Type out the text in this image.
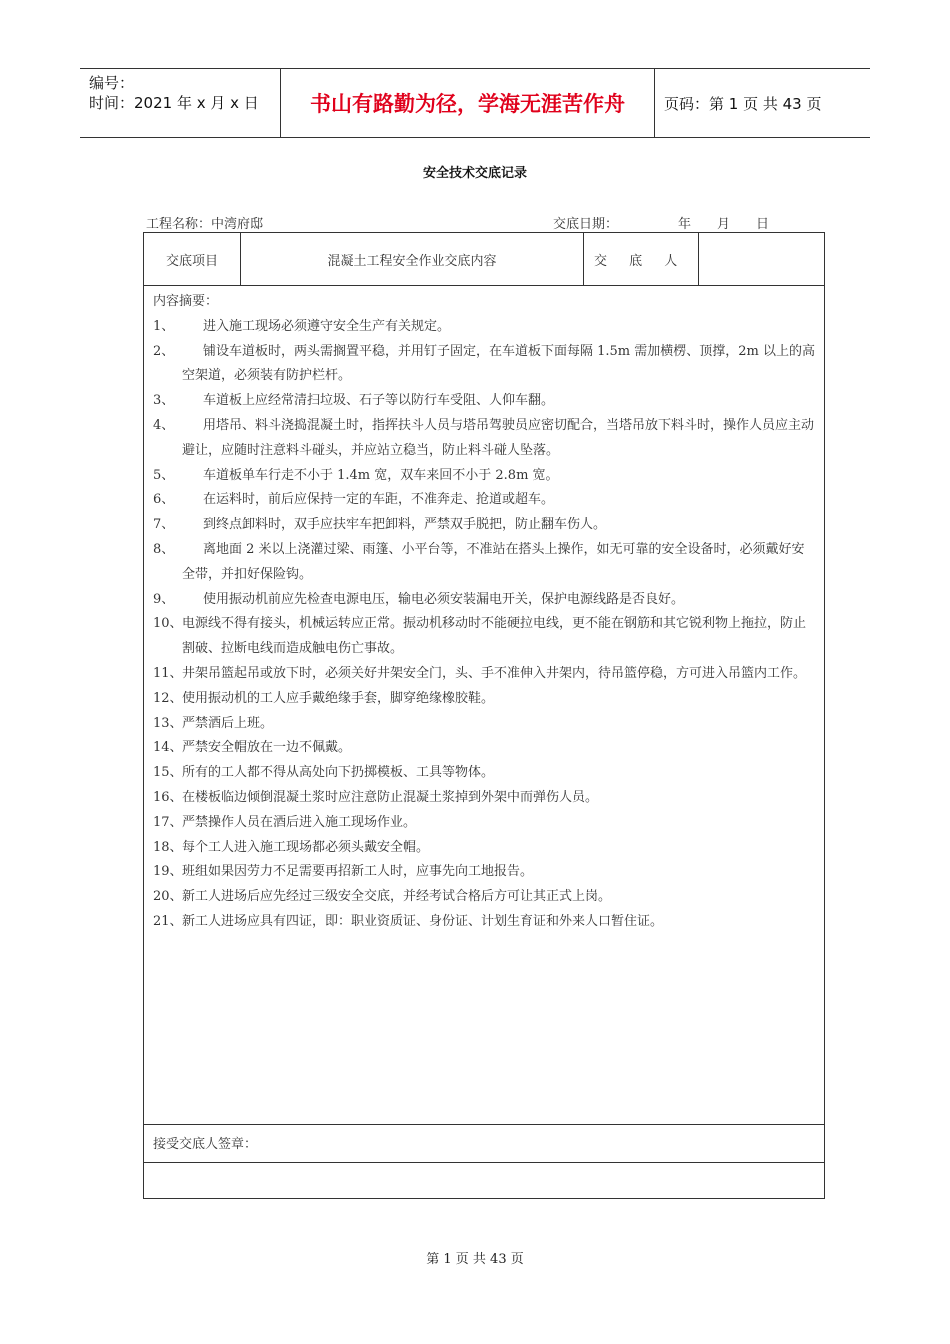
编号：
时间：2021 年 x 月 x 日	书山有路勤为径，学海无涯苦作舟	页码：第 1 页 共 43 页
安全技术交底记录
工程名称：中湾府邸	交底日期：	年 月 日
交底项目	混凝土工程安全作业交底内容	交 底 人
内容摘要：
1、	进入施工现场必须遵守安全生产有关规定。
2、	铺设车道板时，两头需搁置平稳，并用钉子固定，在车道板下面每隔 1.5m 需加横楞、顶撑，2m 以上的高空架道，必须装有防护栏杆。
3、	车道板上应经常清扫垃圾、石子等以防行车受阻、人仰车翻。
4、	用塔吊、料斗浇捣混凝土时，指挥扶斗人员与塔吊驾驶员应密切配合，当塔吊放下料斗时，操作人员应主动避让，应随时注意料斗碰头，并应站立稳当，防止料斗碰人坠落。
5、	车道板单车行走不小于 1.4m 宽，双车来回不小于 2.8m 宽。
6、	在运料时，前后应保持一定的车距，不准奔走、抢道或超车。
7、	到终点卸料时，双手应扶牢车把卸料，严禁双手脱把，防止翻车伤人。
8、	离地面 2 米以上浇灌过梁、雨篷、小平台等，不准站在搭头上操作，如无可靠的安全设备时，必须戴好安全带，并扣好保险钩。
9、	使用振动机前应先检查电源电压，输电必须安装漏电开关，保护电源线路是否良好。
10、 电源线不得有接头，机械运转应正常。振动机移动时不能硬拉电线，更不能在钢筋和其它锐利物上拖拉，防止割破、拉断电线而造成触电伤亡事故。
11、 井架吊篮起吊或放下时，必须关好井架安全门，头、手不准伸入井架内，待吊篮停稳，方可进入吊篮内工作。
12、 使用振动机的工人应手戴绝缘手套，脚穿绝缘橡胶鞋。
13、 严禁酒后上班。
14、 严禁安全帽放在一边不佩戴。
15、 所有的工人都不得从高处向下扔掷模板、工具等物体。
16、 在楼板临边倾倒混凝土浆时应注意防止混凝土浆掉到外架中而弹伤人员。
17、 严禁操作人员在酒后进入施工现场作业。
18、 每个工人进入施工现场都必须头戴安全帽。
19、 班组如果因劳力不足需要再招新工人时，应事先向工地报告。
20、 新工人进场后应先经过三级安全交底，并经考试合格后方可让其正式上岗。
21、 新工人进场应具有四证，即：职业资质证、身份证、计划生育证和外来人口暂住证。
接受交底人签章：
第 1 页 共 43 页
